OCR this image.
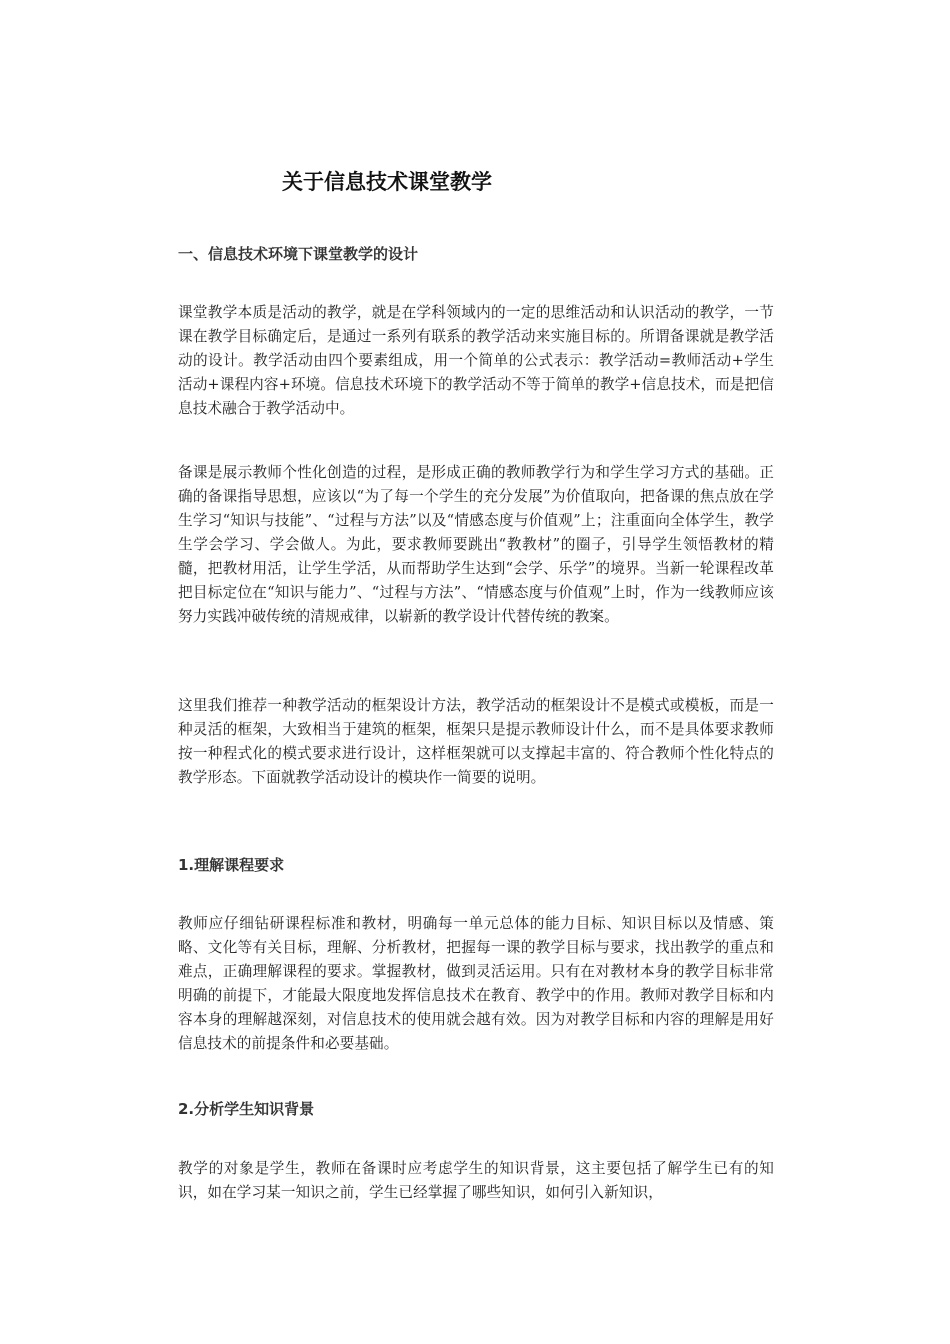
关于信息技术课堂教学
一、信息技术环境下课堂教学的设计

课堂教学本质是活动的教学，就是在学科领域内的一定的思维活动和认识活动的教学，一节课在教学目标确定后，是通过一系列有联系的教学活动来实施目标的。所谓备课就是教学活动的设计。教学活动由四个要素组成，用一个简单的公式表示：教学活动=教师活动+学生活动+课程内容+环境。信息技术环境下的教学活动不等于简单的教学+信息技术，而是把信息技术融合于教学活动中。

备课是展示教师个性化创造的过程，是形成正确的教师教学行为和学生学习方式的基础。正确的备课指导思想，应该以“为了每一个学生的充分发展”为价值取向，把备课的焦点放在学生学习“知识与技能”、“过程与方法”以及“情感态度与价值观”上；注重面向全体学生，教学生学会学习、学会做人。为此，要求教师要跳出“教教材”的圈子，引导学生领悟教材的精髓，把教材用活，让学生学活，从而帮助学生达到“会学、乐学”的境界。当新一轮课程改革把目标定位在“知识与能力”、“过程与方法”、“情感态度与价值观”上时，作为一线教师应该努力实践冲破传统的清规戒律，以崭新的教学设计代替传统的教案。

这里我们推荐一种教学活动的框架设计方法，教学活动的框架设计不是模式或模板，而是一种灵活的框架，大致相当于建筑的框架，框架只是提示教师设计什么，而不是具体要求教师按一种程式化的模式要求进行设计，这样框架就可以支撑起丰富的、符合教师个性化特点的教学形态。下面就教学活动设计的模块作一简要的说明。

1.理解课程要求

教师应仔细钻研课程标准和教材，明确每一单元总体的能力目标、知识目标以及情感、策略、文化等有关目标，理解、分析教材，把握每一课的教学目标与要求，找出教学的重点和难点，正确理解课程的要求。掌握教材，做到灵活运用。只有在对教材本身的教学目标非常明确的前提下，才能最大限度地发挥信息技术在教育、教学中的作用。教师对教学目标和内容本身的理解越深刻，对信息技术的使用就会越有效。因为对教学目标和内容的理解是用好信息技术的前提条件和必要基础。

2.分析学生知识背景

教学的对象是学生，教师在备课时应考虑学生的知识背景，这主要包括了解学生已有的知识，如在学习某一知识之前，学生已经掌握了哪些知识，如何引入新知识，
